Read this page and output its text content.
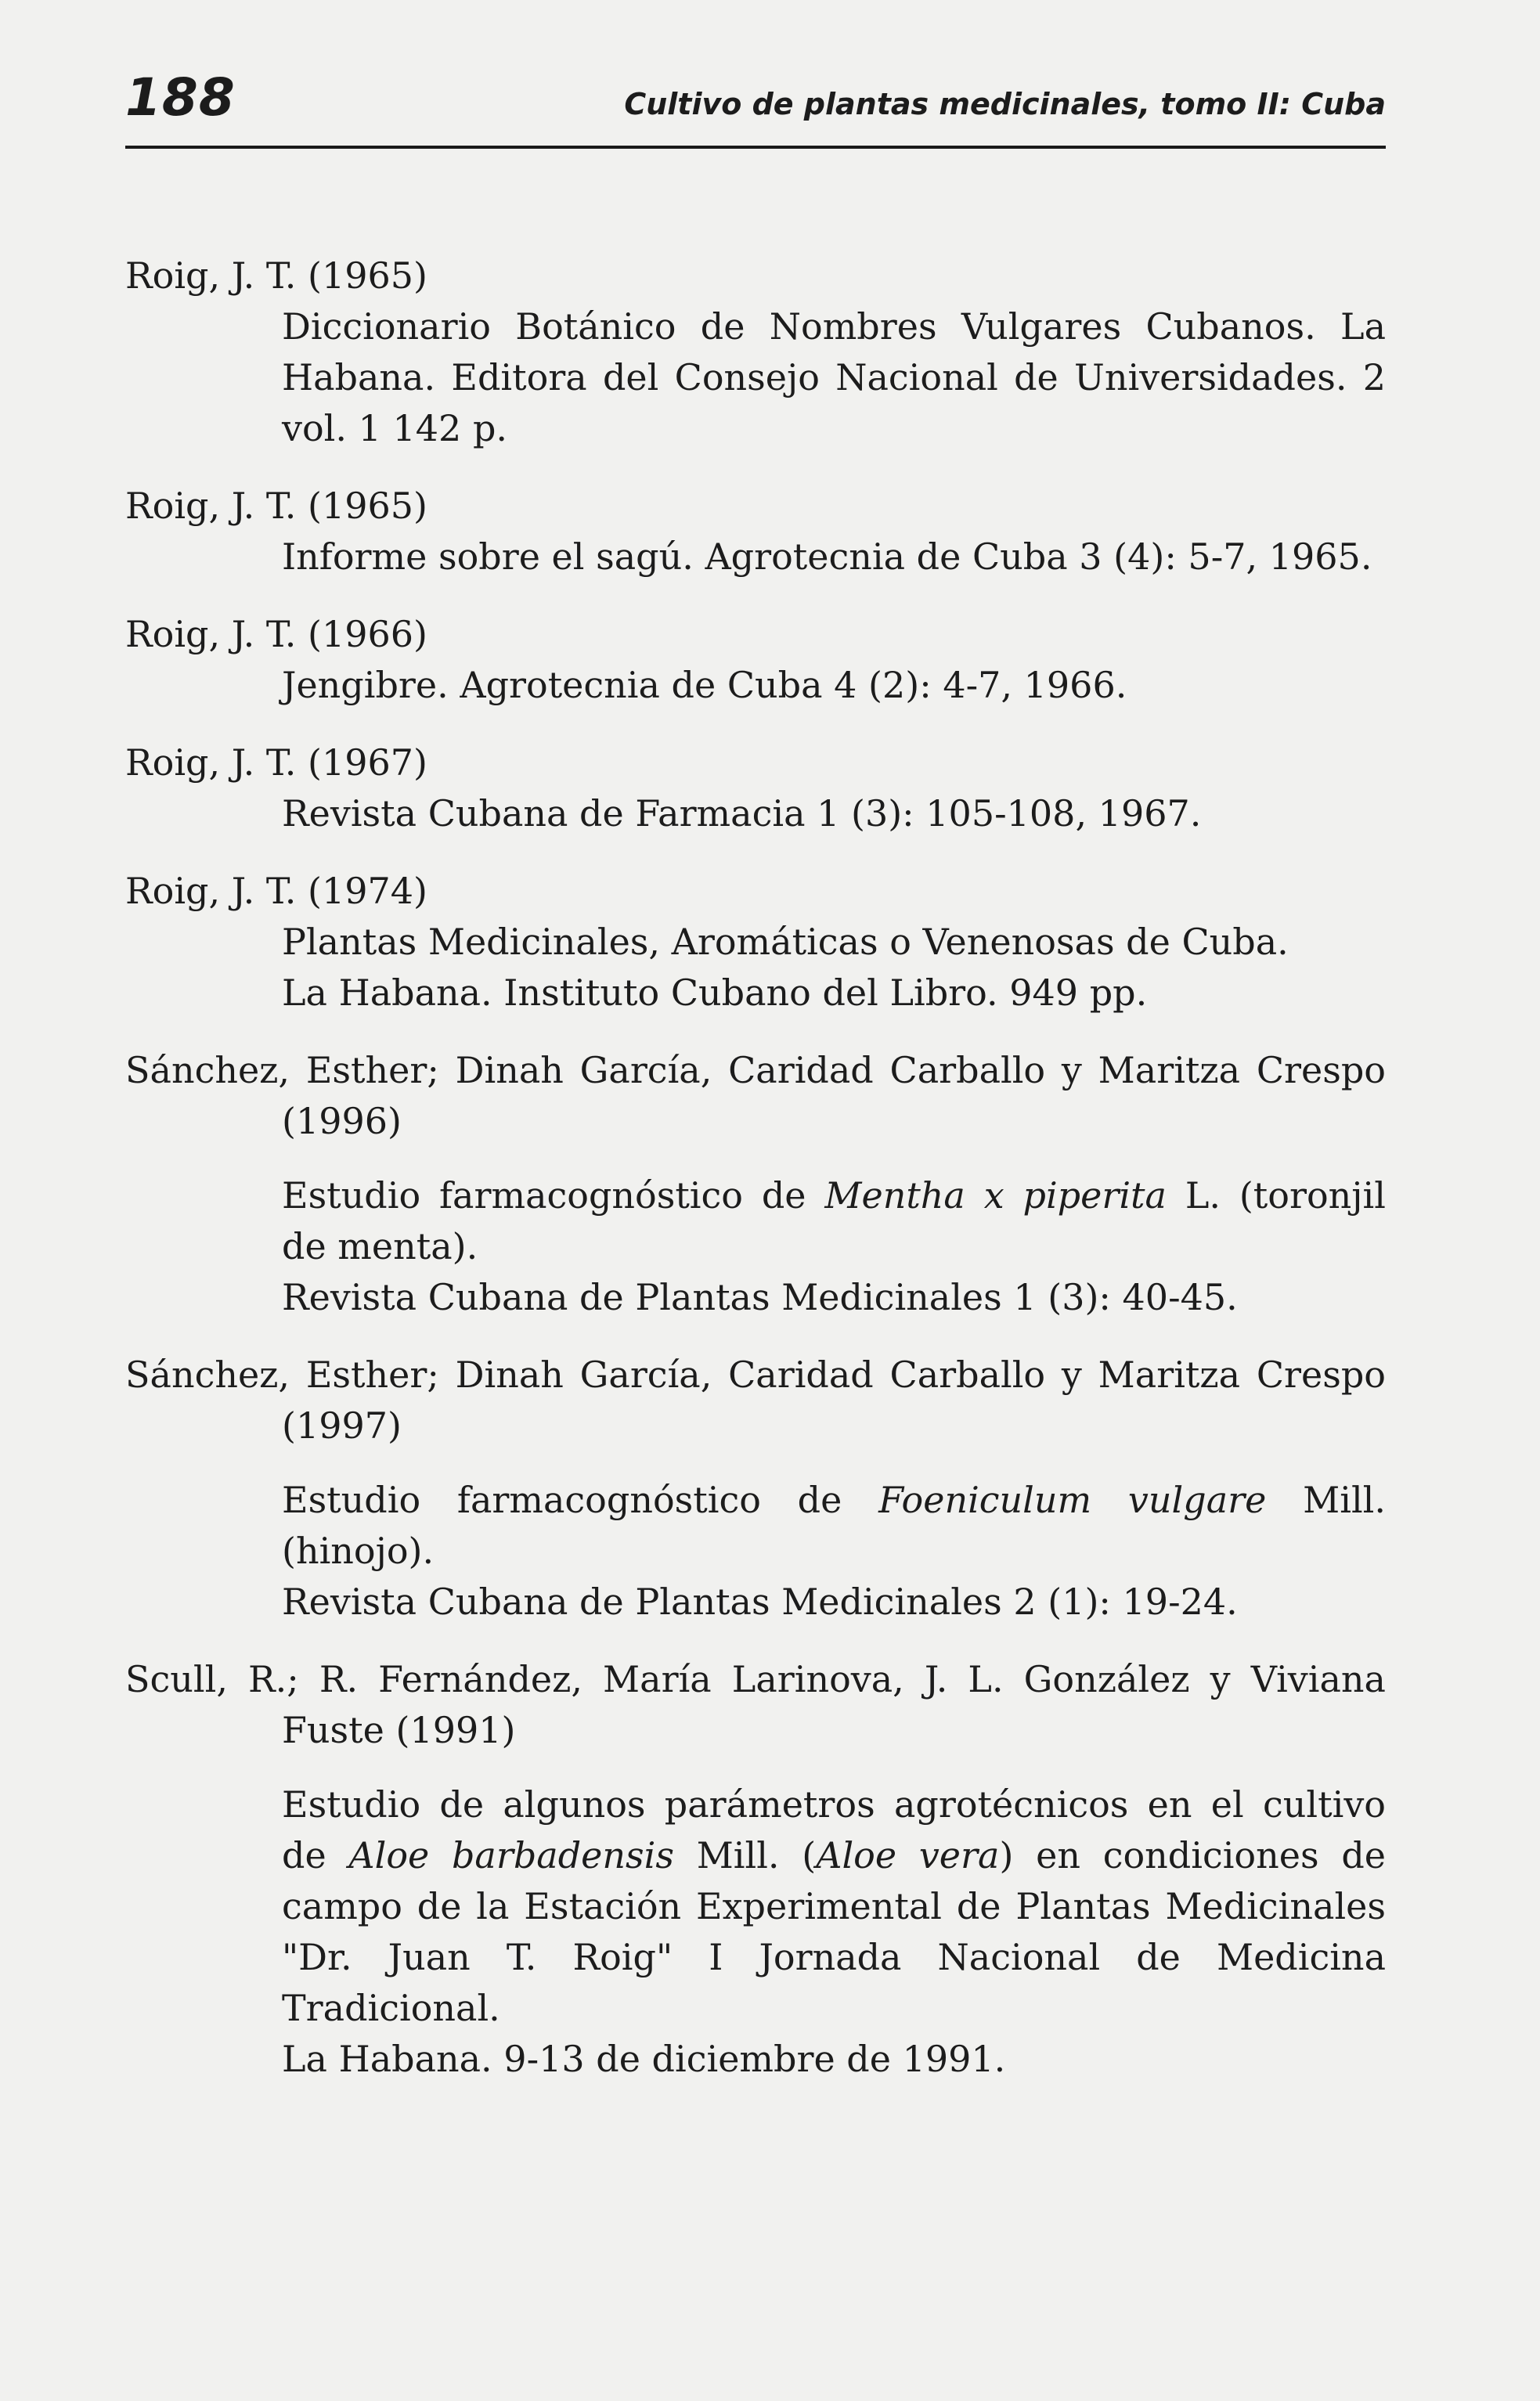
188	Cultivo de plantas medicinales, tomo II: Cuba
Roig, J. T. (1965)
Diccionario Botánico de Nombres Vulgares Cubanos. La Habana. Editora del Consejo Nacional de Universidades. 2 vol. 1 142 p.
Roig, J. T. (1965)
Informe sobre el sagú. Agrotecnia de Cuba 3 (4): 5-7, 1965.
Roig, J. T. (1966)
Jengibre. Agrotecnia de Cuba 4 (2): 4-7, 1966.
Roig, J. T. (1967)
Revista Cubana de Farmacia 1 (3): 105-108, 1967.
Roig, J. T. (1974)
Plantas Medicinales, Aromáticas o Venenosas de Cuba.
La Habana. Instituto Cubano del Libro. 949 pp.
Sánchez, Esther; Dinah García, Caridad Carballo y Maritza Crespo (1996)
Estudio farmacognóstico de Mentha x piperita L. (toronjil de menta).
Revista Cubana de Plantas Medicinales 1 (3): 40-45.
Sánchez, Esther; Dinah García, Caridad Carballo y Maritza Crespo (1997)
Estudio farmacognóstico de Foeniculum vulgare Mill. (hinojo).
Revista Cubana de Plantas Medicinales 2 (1): 19-24.
Scull, R.; R. Fernández, María Larinova, J. L. González y Viviana Fuste (1991)
Estudio de algunos parámetros agrotécnicos en el cultivo de Aloe barbadensis Mill. (Aloe vera) en condiciones de campo de la Estación Experimental de Plantas Medicinales "Dr. Juan T. Roig" I Jornada Nacional de Medicina Tradicional.
La Habana. 9-13 de diciembre de 1991.
